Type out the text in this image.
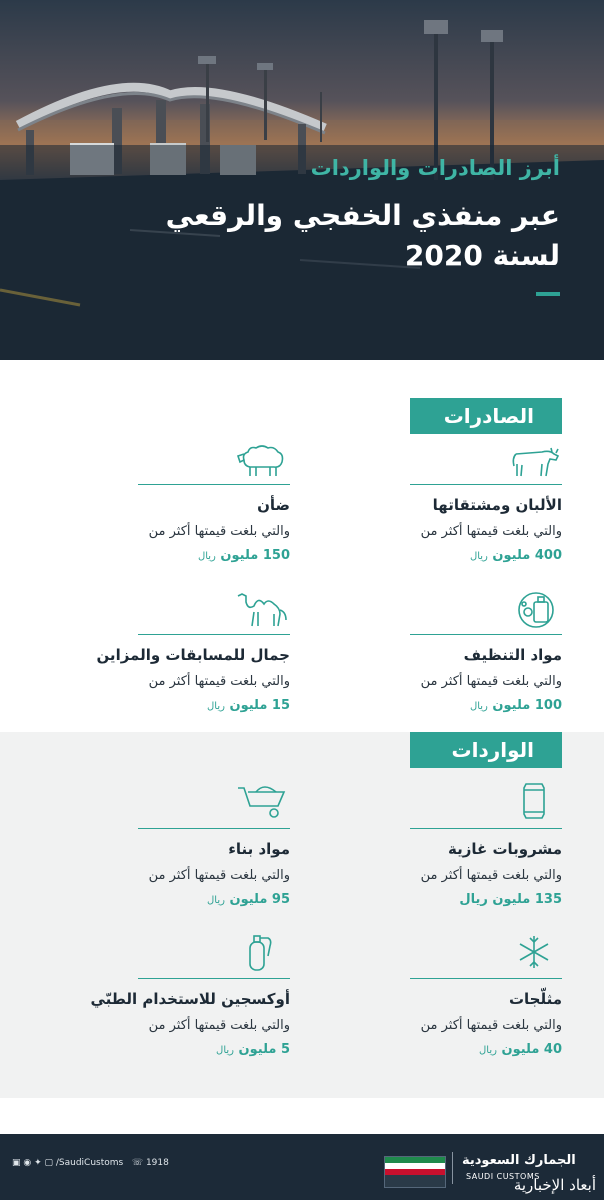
أبرز الصادرات والواردات
عبر منفذي الخفجي والرقعي
لسنة 2020
الصادرات
الألبان ومشتقاتها
والتي بلغت قيمتها أكثر من
400 مليون ريال
ضأن
والتي بلغت قيمتها أكثر من
150 مليون ريال
مواد التنظيف
والتي بلغت قيمتها أكثر من
100 مليون ريال
جمال للمسابقات والمزاين
والتي بلغت قيمتها أكثر من
15 مليون ريال
الواردات
مشروبات غازية
والتي بلغت قيمتها أكثر من
135 مليون ريال
مواد بناء
والتي بلغت قيمتها أكثر من
95 مليون ريال
مثلّجات
والتي بلغت قيمتها أكثر من
40 مليون ريال
أوكسجين للاستخدام الطبّي
والتي بلغت قيمتها أكثر من
5 مليون ريال
▣ ◉ ✦ ▢ /SaudiCustoms   ☏ 1918	الجمارك السعودية
SAUDI CUSTOMS
أبعاد الإخبارية
